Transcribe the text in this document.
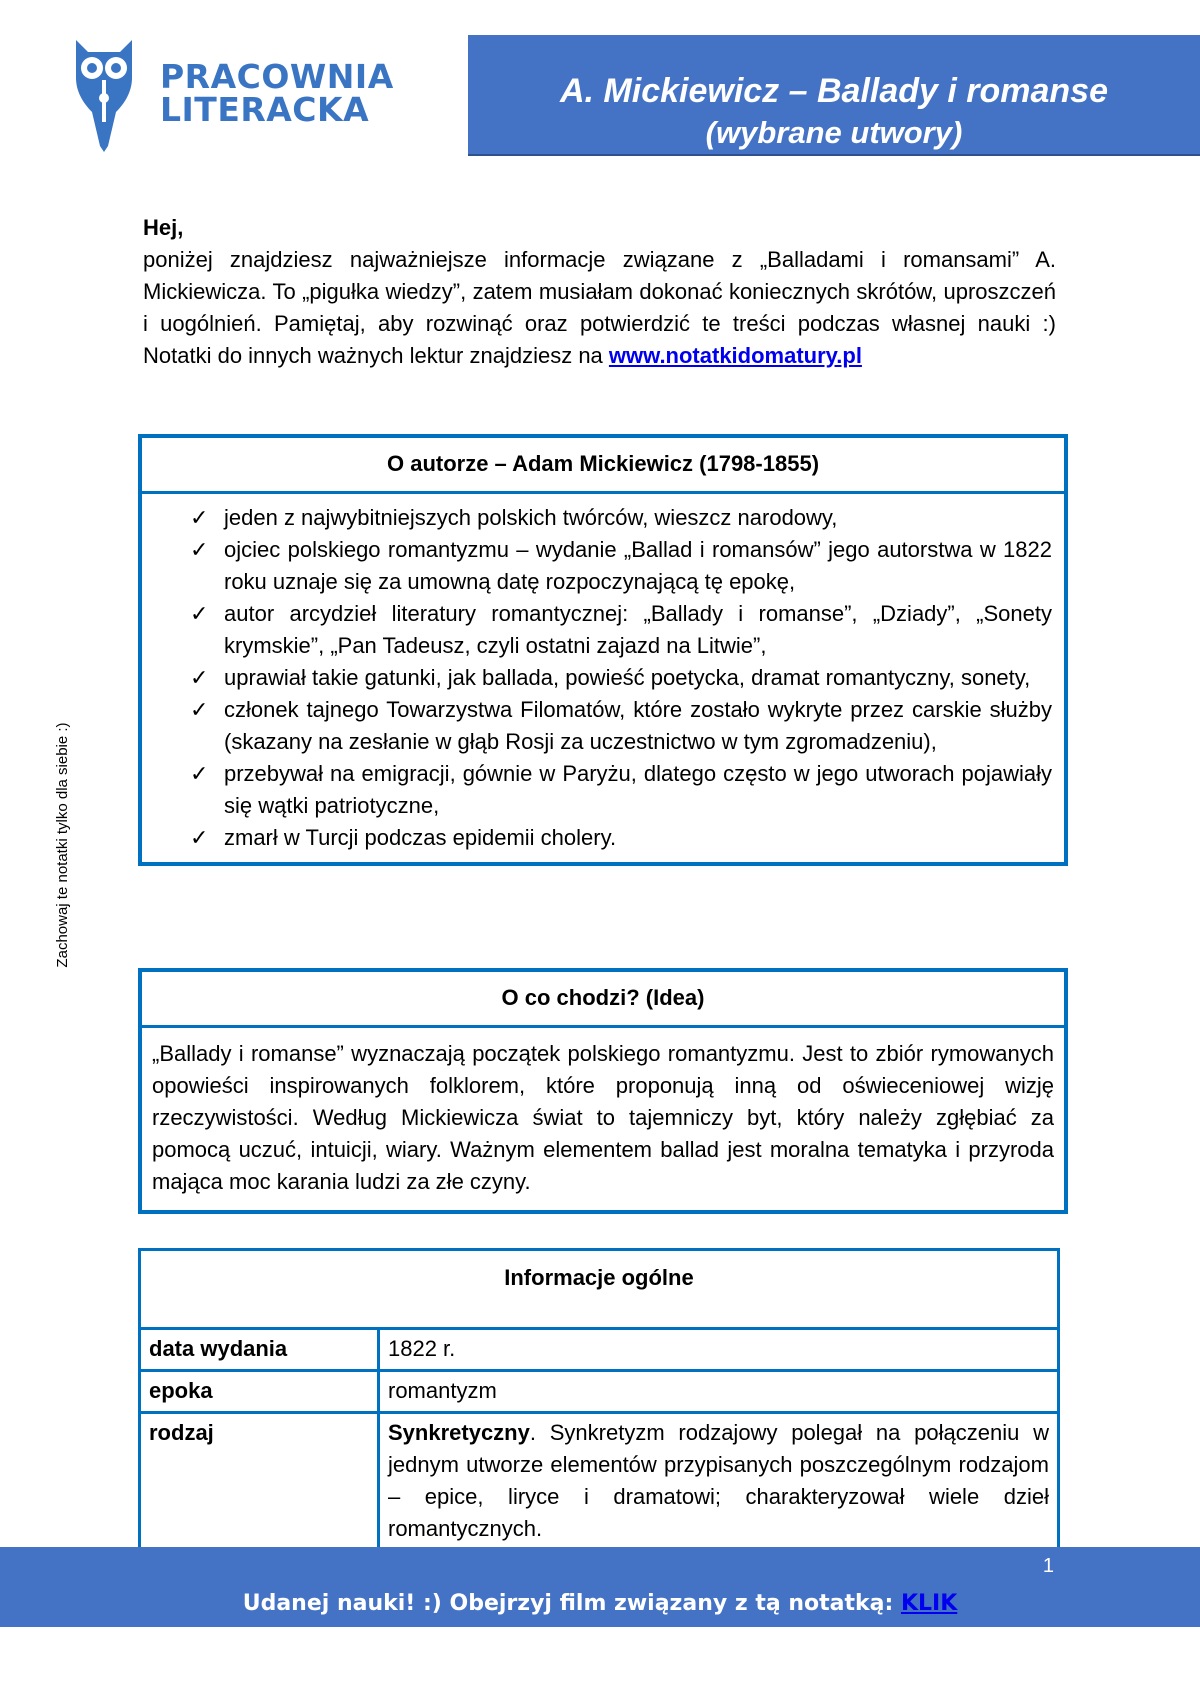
PRACOWNIA
LITERACKA	A. Mickiewicz – Ballady i romanse
(wybrane utwory)
Hej,
poniżej znajdziesz najważniejsze informacje związane z „Balladami i romansami” A. Mickiewicza. To „pigułka wiedzy”, zatem musiałam dokonać koniecznych skrótów, uproszczeń i uogólnień. Pamiętaj, aby rozwinąć oraz potwierdzić te treści podczas własnej nauki :) Notatki do innych ważnych lektur znajdziesz na www.notatkidomatury.pl
O autorze – Adam Mickiewicz (1798-1855)
✓ jeden z najwybitniejszych polskich twórców, wieszcz narodowy,
✓ ojciec polskiego romantyzmu – wydanie „Ballad i romansów” jego autorstwa w 1822 roku uznaje się za umowną datę rozpoczynającą tę epokę,
✓ autor arcydzieł literatury romantycznej: „Ballady i romanse”, „Dziady”, „Sonety krymskie”, „Pan Tadeusz, czyli ostatni zajazd na Litwie”,
✓ uprawiał takie gatunki, jak ballada, powieść poetycka, dramat romantyczny, sonety,
✓ członek tajnego Towarzystwa Filomatów, które zostało wykryte przez carskie służby (skazany na zesłanie w głąb Rosji za uczestnictwo w tym zgromadzeniu),
✓ przebywał na emigracji, gównie w Paryżu, dlatego często w jego utworach pojawiały się wątki patriotyczne,
✓ zmarł w Turcji podczas epidemii cholery.
O co chodzi? (Idea)
„Ballady i romanse” wyznaczają początek polskiego romantyzmu. Jest to zbiór rymowanych opowieści inspirowanych folklorem, które proponują inną od oświeceniowej wizję rzeczywistości. Według Mickiewicza świat to tajemniczy byt, który należy zgłębiać za pomocą uczuć, intuicji, wiary. Ważnym elementem ballad jest moralna tematyka i przyroda mająca moc karania ludzi za złe czyny.
Informacje ogólne	
data wydania	1822 r.
epoka	romantyzm
rodzaj	Synkretyczny. Synkretyzm rodzajowy polegał na połączeniu w jednym utworze elementów przypisanych poszczególnym rodzajom – epice, liryce i dramatowi; charakteryzował wiele dzieł romantycznych.
Zachowaj te notatki tylko dla siebie :)
1
Udanej nauki! :) Obejrzyj film związany z tą notatką: KLIK
